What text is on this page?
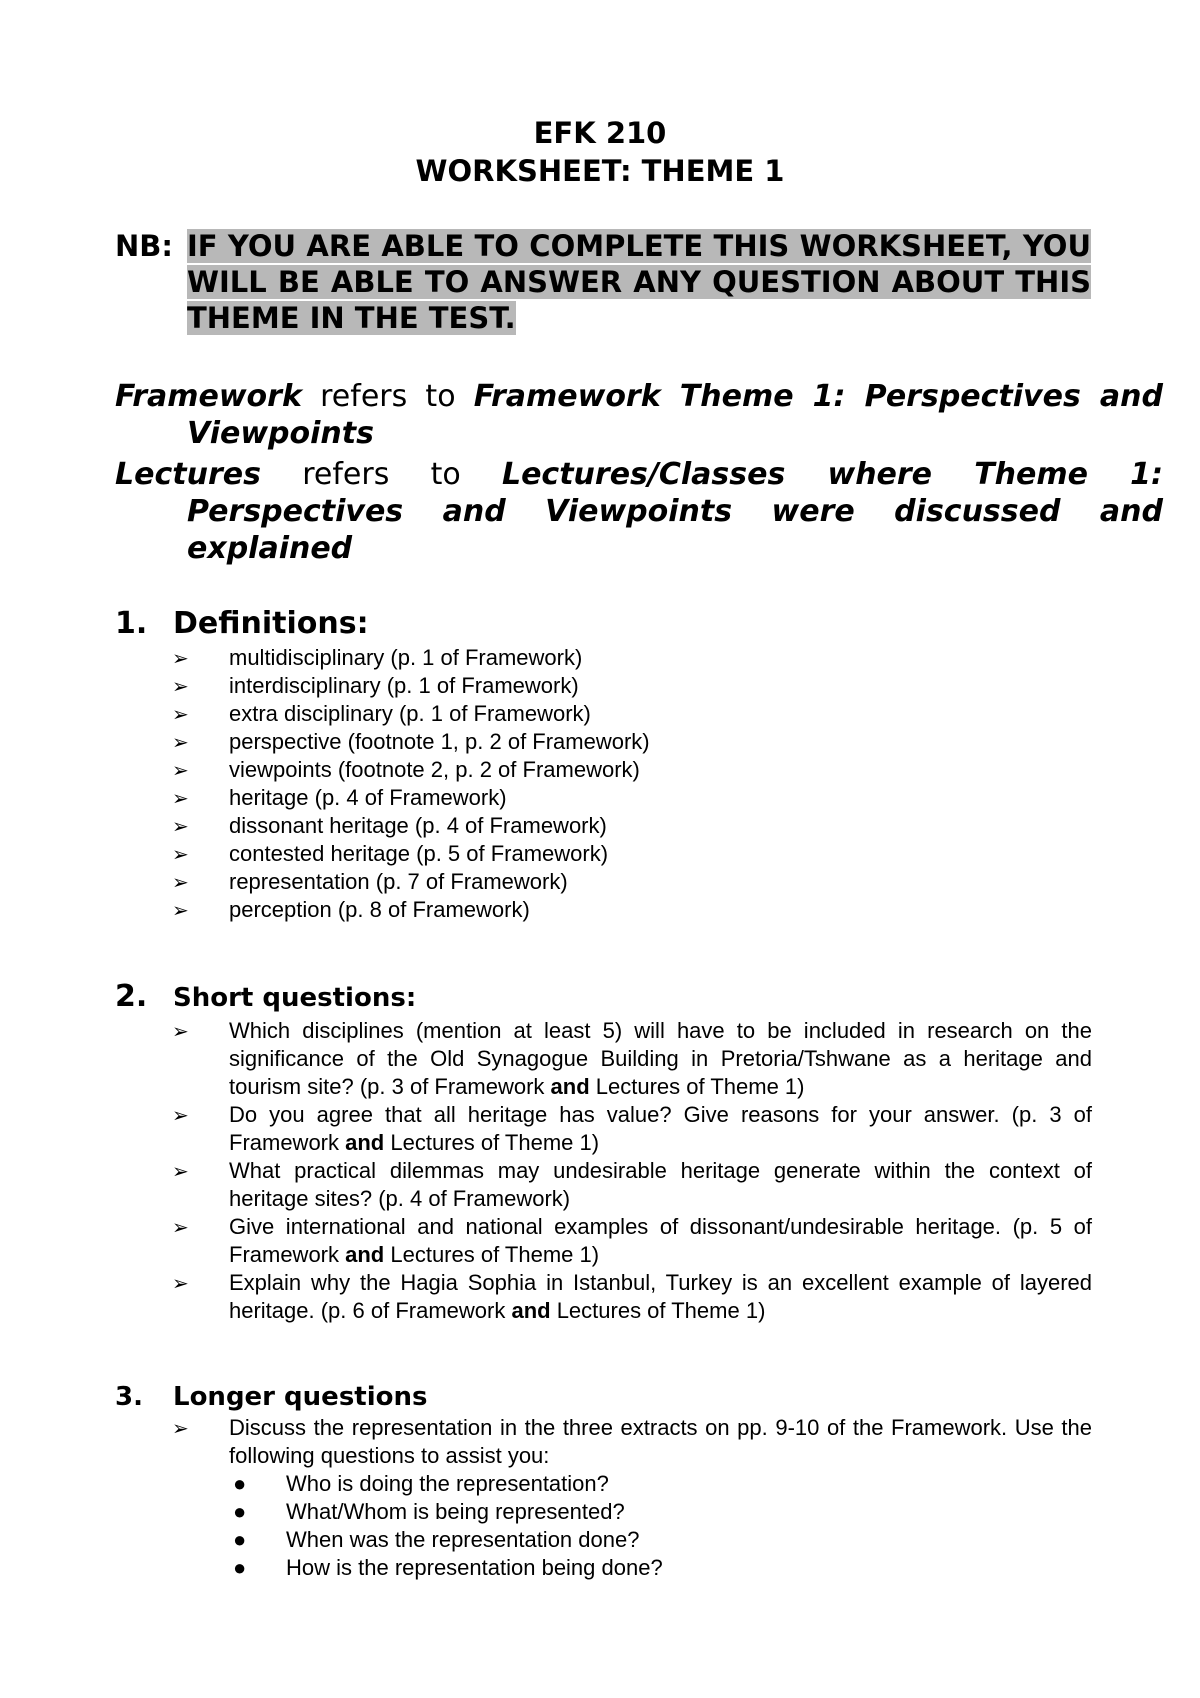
EFK 210
WORKSHEET: THEME 1
NB: IF YOU ARE ABLE TO COMPLETE THIS WORKSHEET, YOU WILL BE ABLE TO ANSWER ANY QUESTION ABOUT THIS THEME IN THE TEST.
Framework refers to Framework Theme 1: Perspectives and Viewpoints
Lectures refers to Lectures/Classes where Theme 1: Perspectives and Viewpoints were discussed and explained
1. Definitions:
➢ multidisciplinary (p. 1 of Framework)
➢ interdisciplinary (p. 1 of Framework)
➢ extra disciplinary (p. 1 of Framework)
➢ perspective (footnote 1, p. 2 of Framework)
➢ viewpoints (footnote 2, p. 2 of Framework)
➢ heritage (p. 4 of Framework)
➢ dissonant heritage (p. 4 of Framework)
➢ contested heritage (p. 5 of Framework)
➢ representation (p. 7 of Framework)
➢ perception (p. 8 of Framework)
2. Short questions:
➢ Which disciplines (mention at least 5) will have to be included in research on the significance of the Old Synagogue Building in Pretoria/Tshwane as a heritage and tourism site? (p. 3 of Framework and Lectures of Theme 1)
➢ Do you agree that all heritage has value? Give reasons for your answer. (p. 3 of Framework and Lectures of Theme 1)
➢ What practical dilemmas may undesirable heritage generate within the context of heritage sites? (p. 4 of Framework)
➢ Give international and national examples of dissonant/undesirable heritage. (p. 5 of Framework and Lectures of Theme 1)
➢ Explain why the Hagia Sophia in Istanbul, Turkey is an excellent example of layered heritage. (p. 6 of Framework and Lectures of Theme 1)
3. Longer questions
➢ Discuss the representation in the three extracts on pp. 9-10 of the Framework. Use the following questions to assist you:
● Who is doing the representation?
● What/Whom is being represented?
● When was the representation done?
● How is the representation being done?
